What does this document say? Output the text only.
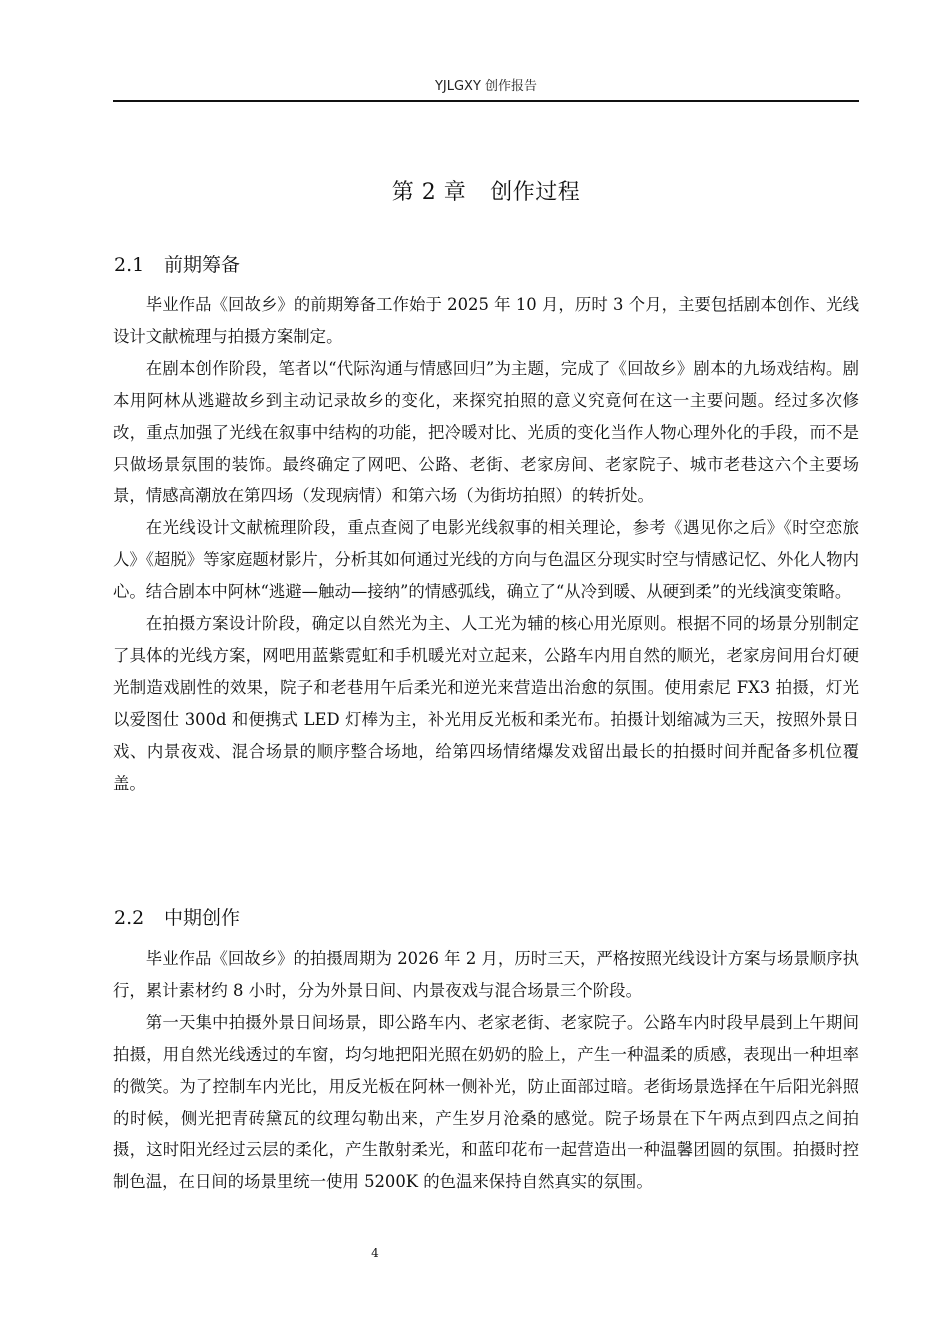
YJLGXY 创作报告
第 2 章 创作过程
2.1 前期筹备

毕业作品《回故乡》的前期筹备工作始于 2025 年 10 月，历时 3 个月，主要包括剧本创作、光线设计文献梳理与拍摄方案制定。

在剧本创作阶段，笔者以“代际沟通与情感回归”为主题，完成了《回故乡》剧本的九场戏结构。剧本用阿林从逃避故乡到主动记录故乡的变化，来探究拍照的意义究竟何在这一主要问题。经过多次修改，重点加强了光线在叙事中结构的功能，把冷暖对比、光质的变化当作人物心理外化的手段，而不是只做场景氛围的装饰。最终确定了网吧、公路、老街、老家房间、老家院子、城市老巷这六个主要场景，情感高潮放在第四场（发现病情）和第六场（为街坊拍照）的转折处。

在光线设计文献梳理阶段，重点查阅了电影光线叙事的相关理论，参考《遇见你之后》《时空恋旅人》《超脱》等家庭题材影片，分析其如何通过光线的方向与色温区分现实时空与情感记忆、外化人物内心。结合剧本中阿林“逃避—触动—接纳”的情感弧线，确立了“从冷到暖、从硬到柔”的光线演变策略。

在拍摄方案设计阶段，确定以自然光为主、人工光为辅的核心用光原则。根据不同的场景分别制定了具体的光线方案，网吧用蓝紫霓虹和手机暖光对立起来，公路车内用自然的顺光，老家房间用台灯硬光制造戏剧性的效果，院子和老巷用午后柔光和逆光来营造出治愈的氛围。使用索尼 FX3 拍摄，灯光以爱图仕 300d 和便携式 LED 灯棒为主，补光用反光板和柔光布。拍摄计划缩减为三天，按照外景日戏、内景夜戏、混合场景的顺序整合场地，给第四场情绪爆发戏留出最长的拍摄时间并配备多机位覆盖。

2.2 中期创作

毕业作品《回故乡》的拍摄周期为 2026 年 2 月，历时三天，严格按照光线设计方案与场景顺序执行，累计素材约 8 小时，分为外景日间、内景夜戏与混合场景三个阶段。

第一天集中拍摄外景日间场景，即公路车内、老家老街、老家院子。公路车内时段早晨到上午期间拍摄，用自然光线透过的车窗，均匀地把阳光照在奶奶的脸上，产生一种温柔的质感，表现出一种坦率的微笑。为了控制车内光比，用反光板在阿林一侧补光，防止面部过暗。老街场景选择在午后阳光斜照的时候，侧光把青砖黛瓦的纹理勾勒出来，产生岁月沧桑的感觉。院子场景在下午两点到四点之间拍摄，这时阳光经过云层的柔化，产生散射柔光，和蓝印花布一起营造出一种温馨团圆的氛围。拍摄时控制色温，在日间的场景里统一使用 5200K 的色温来保持自然真实的氛围。

4
